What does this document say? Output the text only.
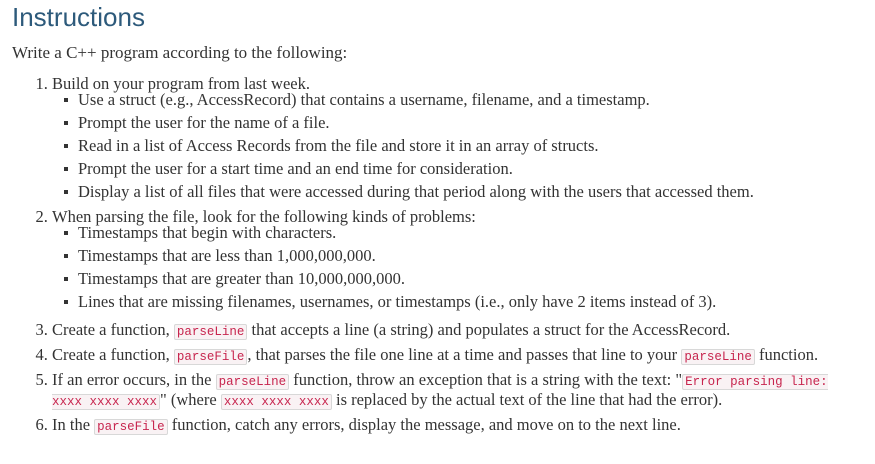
Instructions

Write a C++ program according to the following:

1. Build on your program from last week.
Use a struct (e.g., AccessRecord) that contains a username, filename, and a timestamp.
Prompt the user for the name of a file.
Read in a list of Access Records from the file and store it in an array of structs.
Prompt the user for a start time and an end time for consideration.
Display a list of all files that were accessed during that period along with the users that accessed them.
2. When parsing the file, look for the following kinds of problems:
Timestamps that begin with characters.
Timestamps that are less than 1,000,000,000.
Timestamps that are greater than 10,000,000,000.
Lines that are missing filenames, usernames, or timestamps (i.e., only have 2 items instead of 3).
3. Create a function, parseLine that accepts a line (a string) and populates a struct for the AccessRecord.
4. Create a function, parseFile , that parses the file one line at a time and passes that line to your parseLine function.
5. If an error occurs, in the parseLine function, throw an exception that is a string with the text: " Error parsing line: xxxx xxxx xxxx " (where xxxx xxxx xxxx is replaced by the actual text of the line that had the error).
6. In the parseFile function, catch any errors, display the message, and move on to the next line.
